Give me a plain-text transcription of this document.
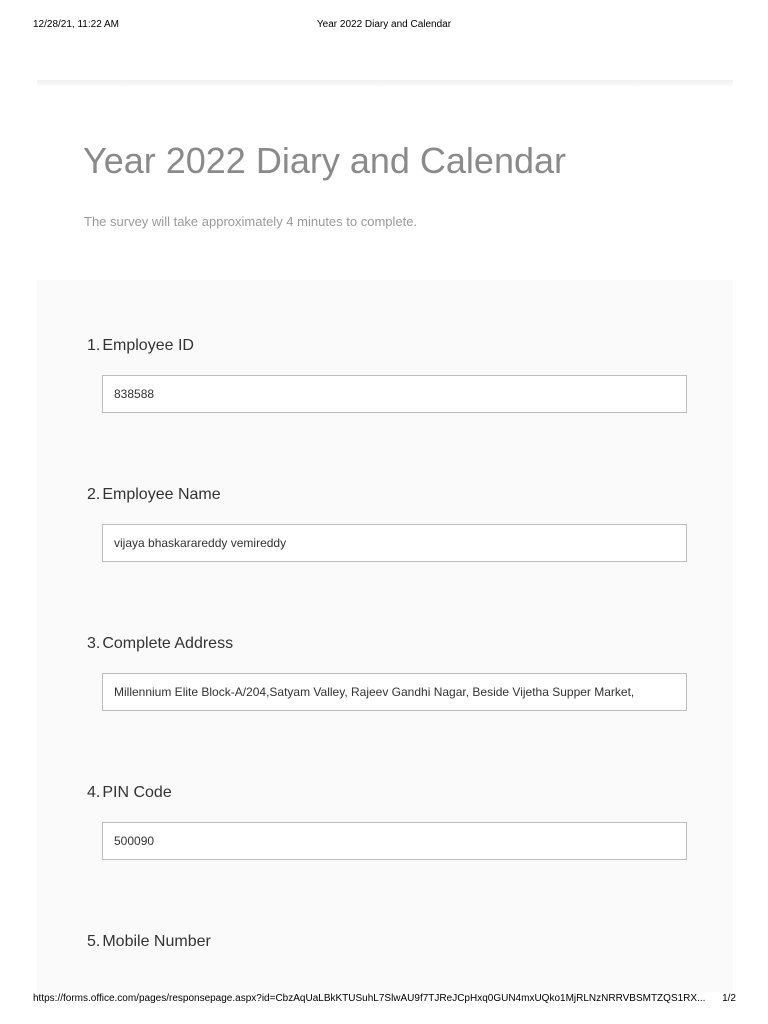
12/28/21, 11:22 AM	Year 2022 Diary and Calendar
Year 2022 Diary and Calendar
The survey will take approximately 4 minutes to complete.
1. Employee ID
838588
2. Employee Name
vijaya bhaskarareddy vemireddy
3. Complete Address
Millennium Elite Block-A/204,Satyam Valley, Rajeev Gandhi Nagar, Beside Vijetha Supper Market,
4. PIN Code
500090
5. Mobile Number
https://forms.office.com/pages/responsepage.aspx?id=CbzAqUaLBkKTUSuhL7SlwAU9f7TJReJCpHxq0GUN4mxUQko1MjRLNzNRRVBSMTZQS1RX...	1/2
